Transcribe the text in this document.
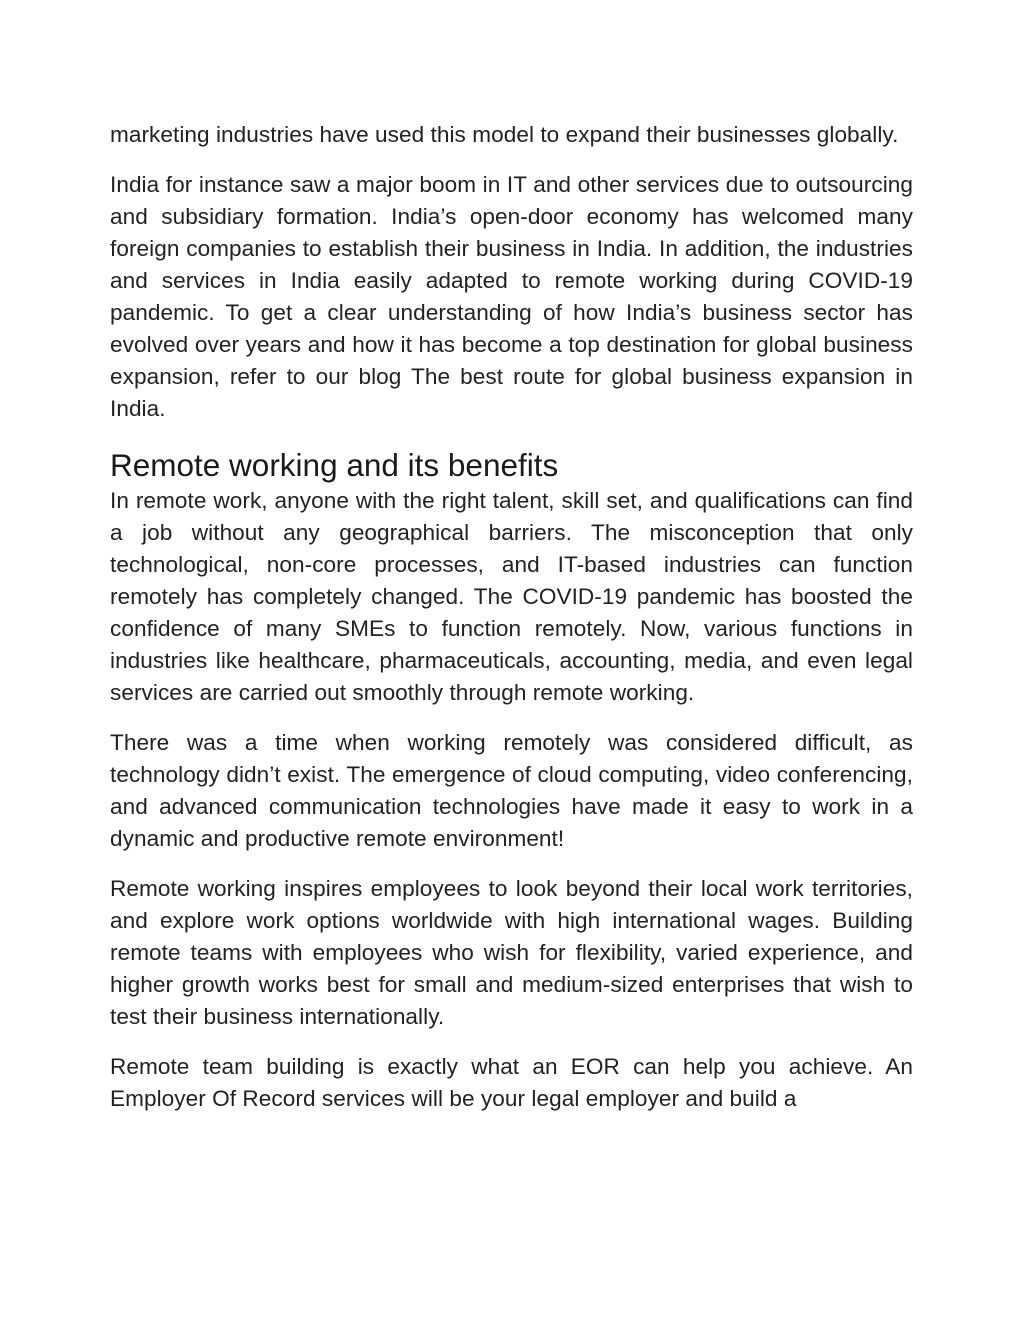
marketing industries have used this model to expand their businesses globally.

India for instance saw a major boom in IT and other services due to outsourcing and subsidiary formation. India’s open-door economy has welcomed many foreign companies to establish their business in India. In addition, the industries and services in India easily adapted to remote working during COVID-19 pandemic. To get a clear understanding of how India’s business sector has evolved over years and how it has become a top destination for global business expansion, refer to our blog The best route for global business expansion in India.

Remote working and its benefits

In remote work, anyone with the right talent, skill set, and qualifications can find a job without any geographical barriers. The misconception that only technological, non-core processes, and IT-based industries can function remotely has completely changed. The COVID-19 pandemic has boosted the confidence of many SMEs to function remotely. Now, various functions in industries like healthcare, pharmaceuticals, accounting, media, and even legal services are carried out smoothly through remote working.

There was a time when working remotely was considered difficult, as technology didn’t exist. The emergence of cloud computing, video conferencing, and advanced communication technologies have made it easy to work in a dynamic and productive remote environment!

Remote working inspires employees to look beyond their local work territories, and explore work options worldwide with high international wages. Building remote teams with employees who wish for flexibility, varied experience, and higher growth works best for small and medium-sized enterprises that wish to test their business internationally.

Remote team building is exactly what an EOR can help you achieve. An Employer Of Record services will be your legal employer and build a
